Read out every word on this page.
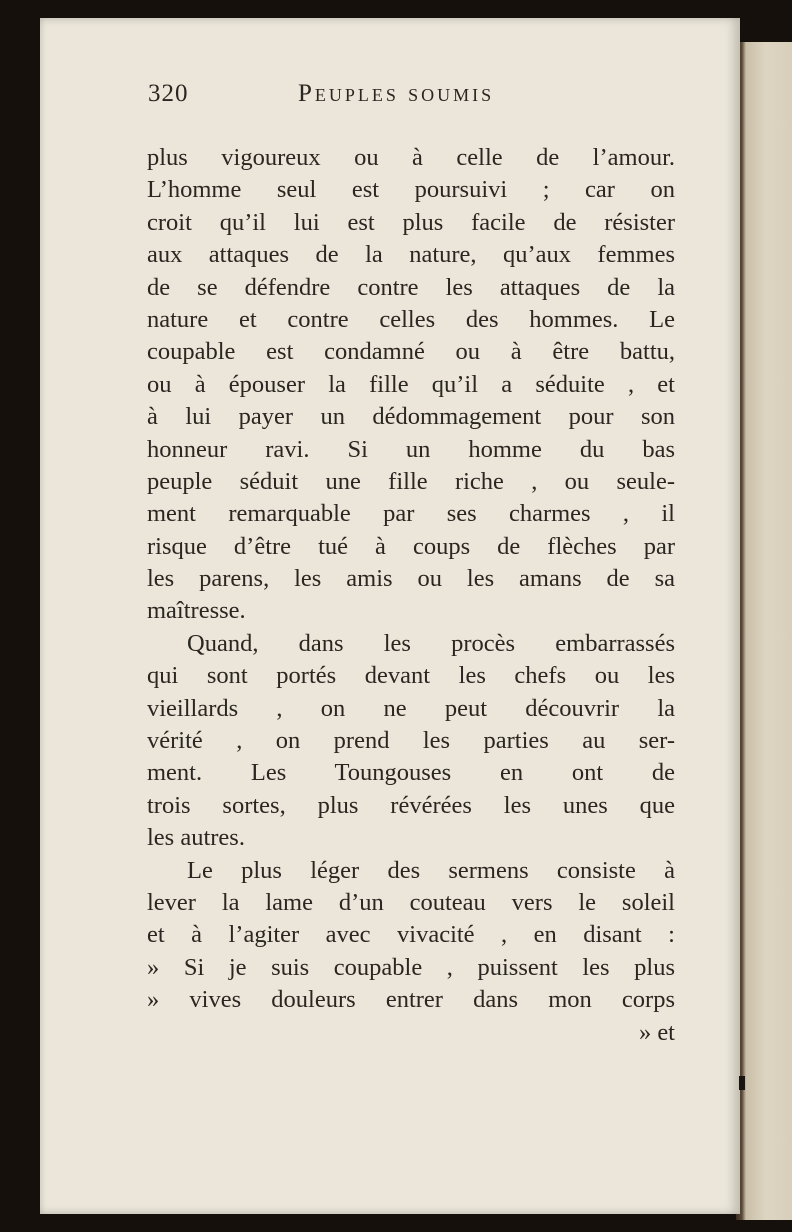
320	Peuples soumis
plus vigoureux ou à celle de l’amour.
L’homme seul est poursuivi ; car on
croit qu’il lui est plus facile de résister
aux attaques de la nature, qu’aux femmes
de se défendre contre les attaques de la
nature et contre celles des hommes. Le
coupable est condamné ou à être battu,
ou à épouser la fille qu’il a séduite , et
à lui payer un dédommagement pour son
honneur ravi. Si un homme du bas
peuple séduit une fille riche , ou seule-
ment remarquable par ses charmes , il
risque d’être tué à coups de flèches par
les parens, les amis ou les amans de sa
maîtresse.
Quand, dans les procès embarrassés
qui sont portés devant les chefs ou les
vieillards , on ne peut découvrir la
vérité , on prend les parties au ser-
ment. Les Toungouses en ont de
trois sortes, plus révérées les unes que
les autres.
Le plus léger des sermens consiste à
lever la lame d’un couteau vers le soleil
et à l’agiter avec vivacité , en disant :
» Si je suis coupable , puissent les plus
» vives douleurs entrer dans mon corps
» et
